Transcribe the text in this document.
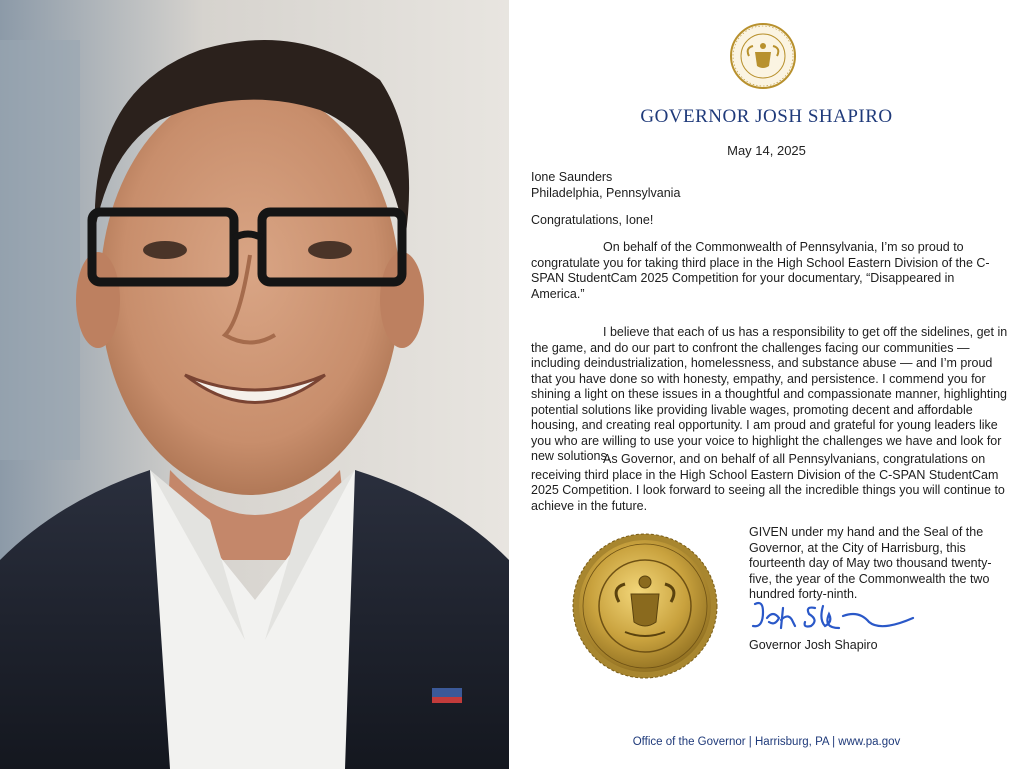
GOVERNOR JOSH SHAPIRO
May 14, 2025
Ione Saunders
Philadelphia, Pennsylvania
Congratulations, Ione!

On behalf of the Commonwealth of Pennsylvania, I’m so proud to congratulate you for taking third place in the High School Eastern Division of the C-SPAN StudentCam 2025 Competition for your documentary, “Disappeared in America.”

I believe that each of us has a responsibility to get off the sidelines, get in the game, and do our part to confront the challenges facing our communities — including deindustrialization, homelessness, and substance abuse — and I’m proud that you have done so with honesty, empathy, and persistence. I commend you for shining a light on these issues in a thoughtful and compassionate manner, highlighting potential solutions like providing livable wages, promoting decent and affordable housing, and creating real opportunity. I am proud and grateful for young leaders like you who are willing to use your voice to highlight the challenges we have and look for new solutions.

As Governor, and on behalf of all Pennsylvanians, congratulations on receiving third place in the High School Eastern Division of the C-SPAN StudentCam 2025 Competition. I look forward to seeing all the incredible things you will continue to achieve in the future.

GIVEN under my hand and the Seal of the Governor, at the City of Harrisburg, this fourteenth day of May two thousand twenty-five, the year of the Commonwealth the two hundred forty-ninth.
Governor Josh Shapiro
Office of the Governor | Harrisburg, PA | www.pa.gov
